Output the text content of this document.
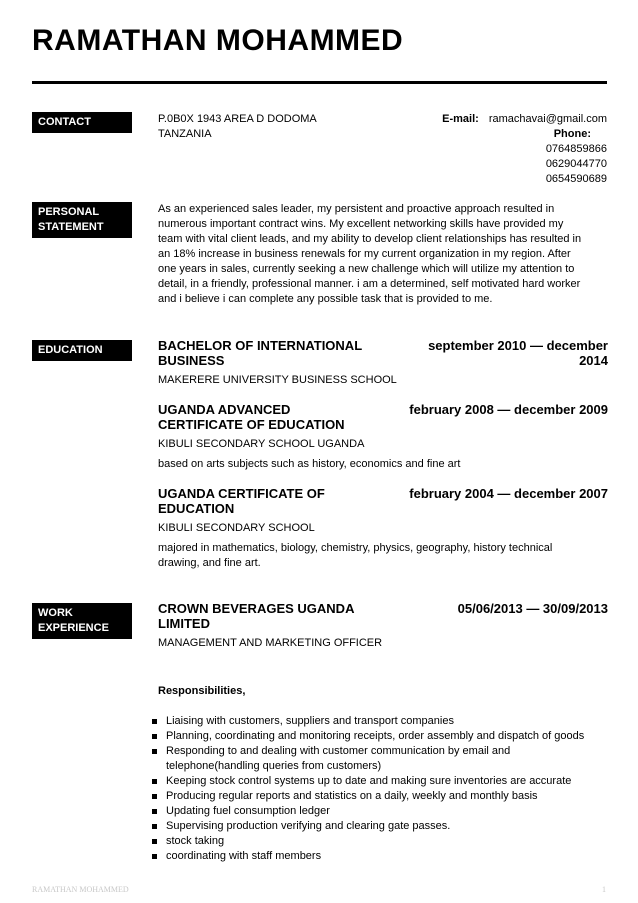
RAMATHAN MOHAMMED
CONTACT	P.0B0X 1943 AREA D DODOMA
TANZANIA
E-mail: ramachavai@gmail.com
Phone:
0764859866
0629044770
0654590689
PERSONAL
STATEMENT
As an experienced sales leader, my persistent and proactive approach resulted in
numerous important contract wins. My excellent networking skills have provided my
team with vital client leads, and my ability to develop client relationships has resulted in
an 18% increase in business renewals for my current organization in my region. After
one years in sales, currently seeking a new challenge which will utilize my attention to
detail, in a friendly, professional manner. i am a determined, self motivated hard worker
and i believe i can complete any possible task that is provided to me.
EDUCATION	BACHELOR OF INTERNATIONAL
BUSINESS
september 2010 — december
2014
MAKERERE UNIVERSITY BUSINESS SCHOOL
UGANDA ADVANCED
CERTIFICATE OF EDUCATION
february 2008 — december 2009
KIBULI SECONDARY SCHOOL UGANDA
based on arts subjects such as history, economics and fine art
UGANDA CERTIFICATE OF
EDUCATION
february 2004 — december 2007
KIBULI SECONDARY SCHOOL
majored in mathematics, biology, chemistry, physics, geography, history technical
drawing, and fine art.
WORK
EXPERIENCE
CROWN BEVERAGES UGANDA
LIMITED
05/06/2013 — 30/09/2013
MANAGEMENT AND MARKETING OFFICER
Responsibilities,
Liaising with customers, suppliers and transport companies
Planning, coordinating and monitoring receipts, order assembly and dispatch of goods
Responding to and dealing with customer communication by email and
telephone(handling queries from customers)
Keeping stock control systems up to date and making sure inventories are accurate
Producing regular reports and statistics on a daily, weekly and monthly basis
Updating fuel consumption ledger
Supervising production verifying and clearing gate passes.
stock taking
coordinating with staff members
RAMATHAN MOHAMMED	1
